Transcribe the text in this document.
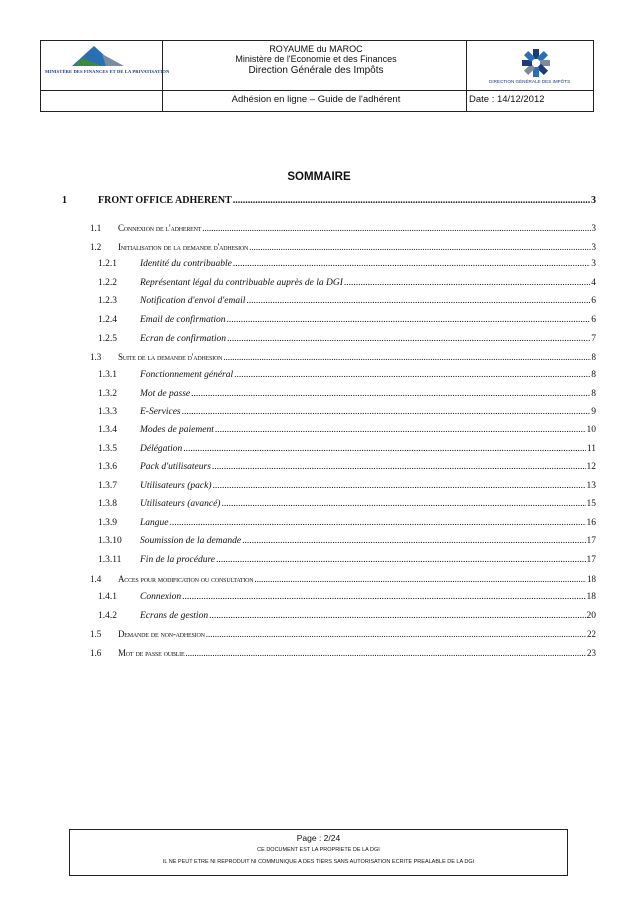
MINISTÈRE DES FINANCES ET DE LA PRIVATISATION
ROYAUME du MAROC
Ministère de l'Economie et des Finances
Direction Générale des Impôts
DIRECTION GÉNÉRALE DES IMPÔTS
Adhésion en ligne – Guide de l'adhérent	Date : 14/12/2012
SOMMAIRE
1	FRONT OFFICE ADHERENT .....	3
1.1	Connexion de l'adherent .....	3
1.2	Initialisation de la demande d'adhesion .....	3
1.2.1	Identité du contribuable .....	3
1.2.2	Représentant légal du contribuable auprès de la DGI .....	4
1.2.3	Notification d'envoi d'email .....	6
1.2.4	Email de confirmation .....	6
1.2.5	Ecran de confirmation .....	7
1.3	Suite de la demande d'adhesion .....	8
1.3.1	Fonctionnement général .....	8
1.3.2	Mot de passe .....	8
1.3.3	E-Services .....	9
1.3.4	Modes de paiement .....	10
1.3.5	Délégation .....	11
1.3.6	Pack d'utilisateurs .....	12
1.3.7	Utilisateurs (pack) .....	13
1.3.8	Utilisateurs (avancé) .....	15
1.3.9	Langue .....	16
1.3.10	Soumission de la demande .....	17
1.3.11	Fin de la procédure .....	17
1.4	Acces pour modification ou consultation .....	18
1.4.1	Connexion .....	18
1.4.2	Ecrans de gestion .....	20
1.5	Demande de non-adhesion .....	22
1.6	Mot de passe oublie .....	23
Page : 2/24
CE DOCUMENT EST LA PROPRIETE DE LA DGI
IL NE PEUT ETRE NI REPRODUIT NI COMMUNIQUE A DES TIERS SANS AUTORISATION ECRITE PREALABLE DE LA DGI
